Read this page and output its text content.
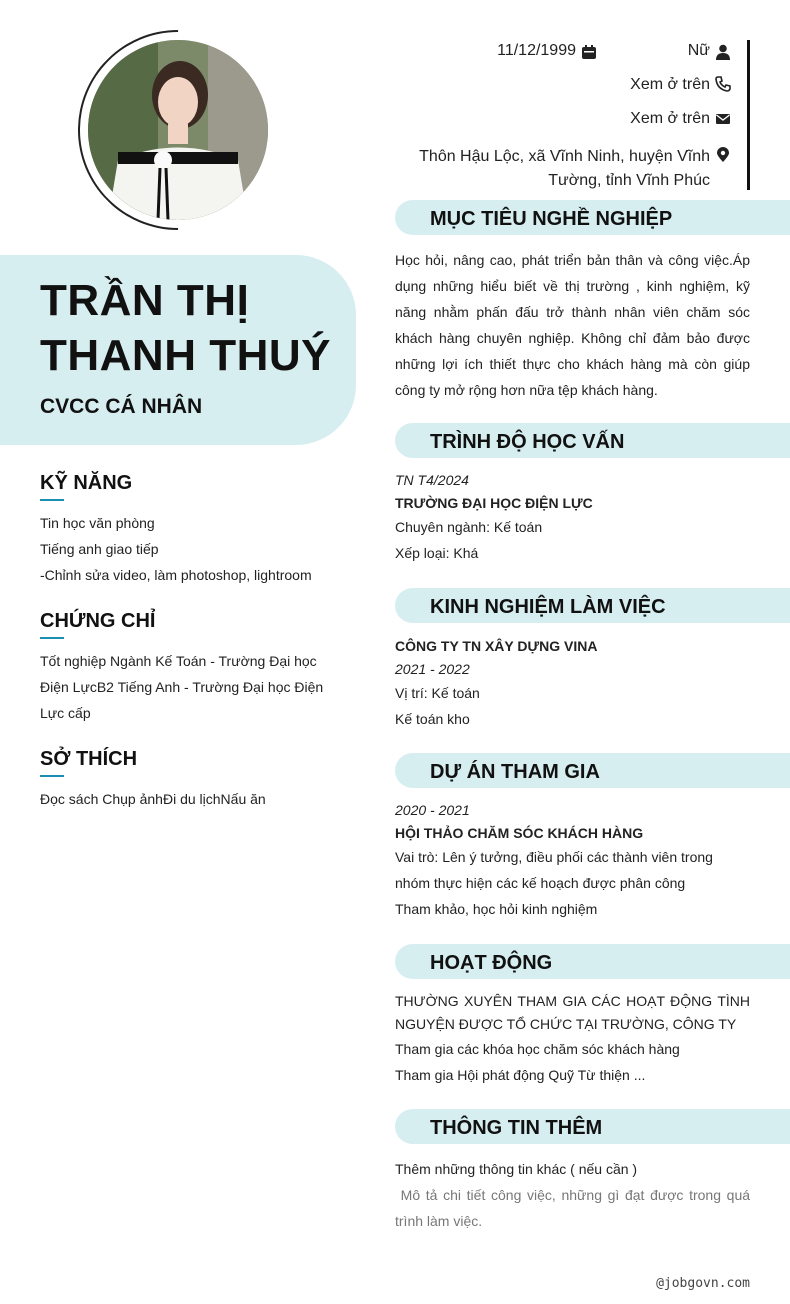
TRẦN THỊ
THANH THUÝ
CVCC CÁ NHÂN
KỸ NĂNG
Tin học văn phòng
Tiếng anh giao tiếp
-Chỉnh sửa video, làm photoshop, lightroom
CHỨNG CHỈ
Tốt nghiệp Ngành Kế Toán - Trường Đại học
Điện LựcB2 Tiếng Anh - Trường Đại học Điện
Lực cấp
SỞ THÍCH
Đọc sách Chụp ảnhĐi du lịchNấu ăn
11/12/1999	Nữ
Xem ở trên
Xem ở trên
Thôn Hậu Lộc, xã Vĩnh Ninh, huyện Vĩnh
Tường, tỉnh Vĩnh Phúc
MỤC TIÊU NGHỀ NGHIỆP
Học hỏi, nâng cao, phát triển bản thân và công việc.Áp dụng những hiểu biết về thị trường , kinh nghiệm, kỹ năng nhằm phấn đấu trở thành nhân viên chăm sóc khách hàng chuyên nghiệp. Không chỉ đảm bảo được những lợi ích thiết thực cho khách hàng mà còn giúp công ty mở rộng hơn nữa tệp khách hàng.
TRÌNH ĐỘ HỌC VẤN
TN T4/2024
TRƯỜNG ĐẠI HỌC ĐIỆN LỰC
Chuyên ngành: Kế toán
Xếp loại: Khá
KINH NGHIỆM LÀM VIỆC
CÔNG TY TN XÂY DỰNG VINA
2021 - 2022
Vị trí: Kế toán
Kế toán kho
DỰ ÁN THAM GIA
2020 - 2021
HỘI THẢO CHĂM SÓC KHÁCH HÀNG
Vai trò: Lên ý tưởng, điều phối các thành viên trong nhóm thực hiện các kế hoạch được phân công
Tham khảo, học hỏi kinh nghiệm
HOẠT ĐỘNG
THƯỜNG XUYÊN THAM GIA CÁC HOẠT ĐỘNG TÌNH NGUYỆN ĐƯỢC TỔ CHỨC TẠI TRƯỜNG, CÔNG TY
Tham gia các khóa học chăm sóc khách hàng
Tham gia Hội phát động Quỹ Từ thiện ...
THÔNG TIN THÊM
Thêm những thông tin khác ( nếu cần )
Mô tả chi tiết công việc, những gì đạt được trong quá trình làm việc.
@jobgovn.com
